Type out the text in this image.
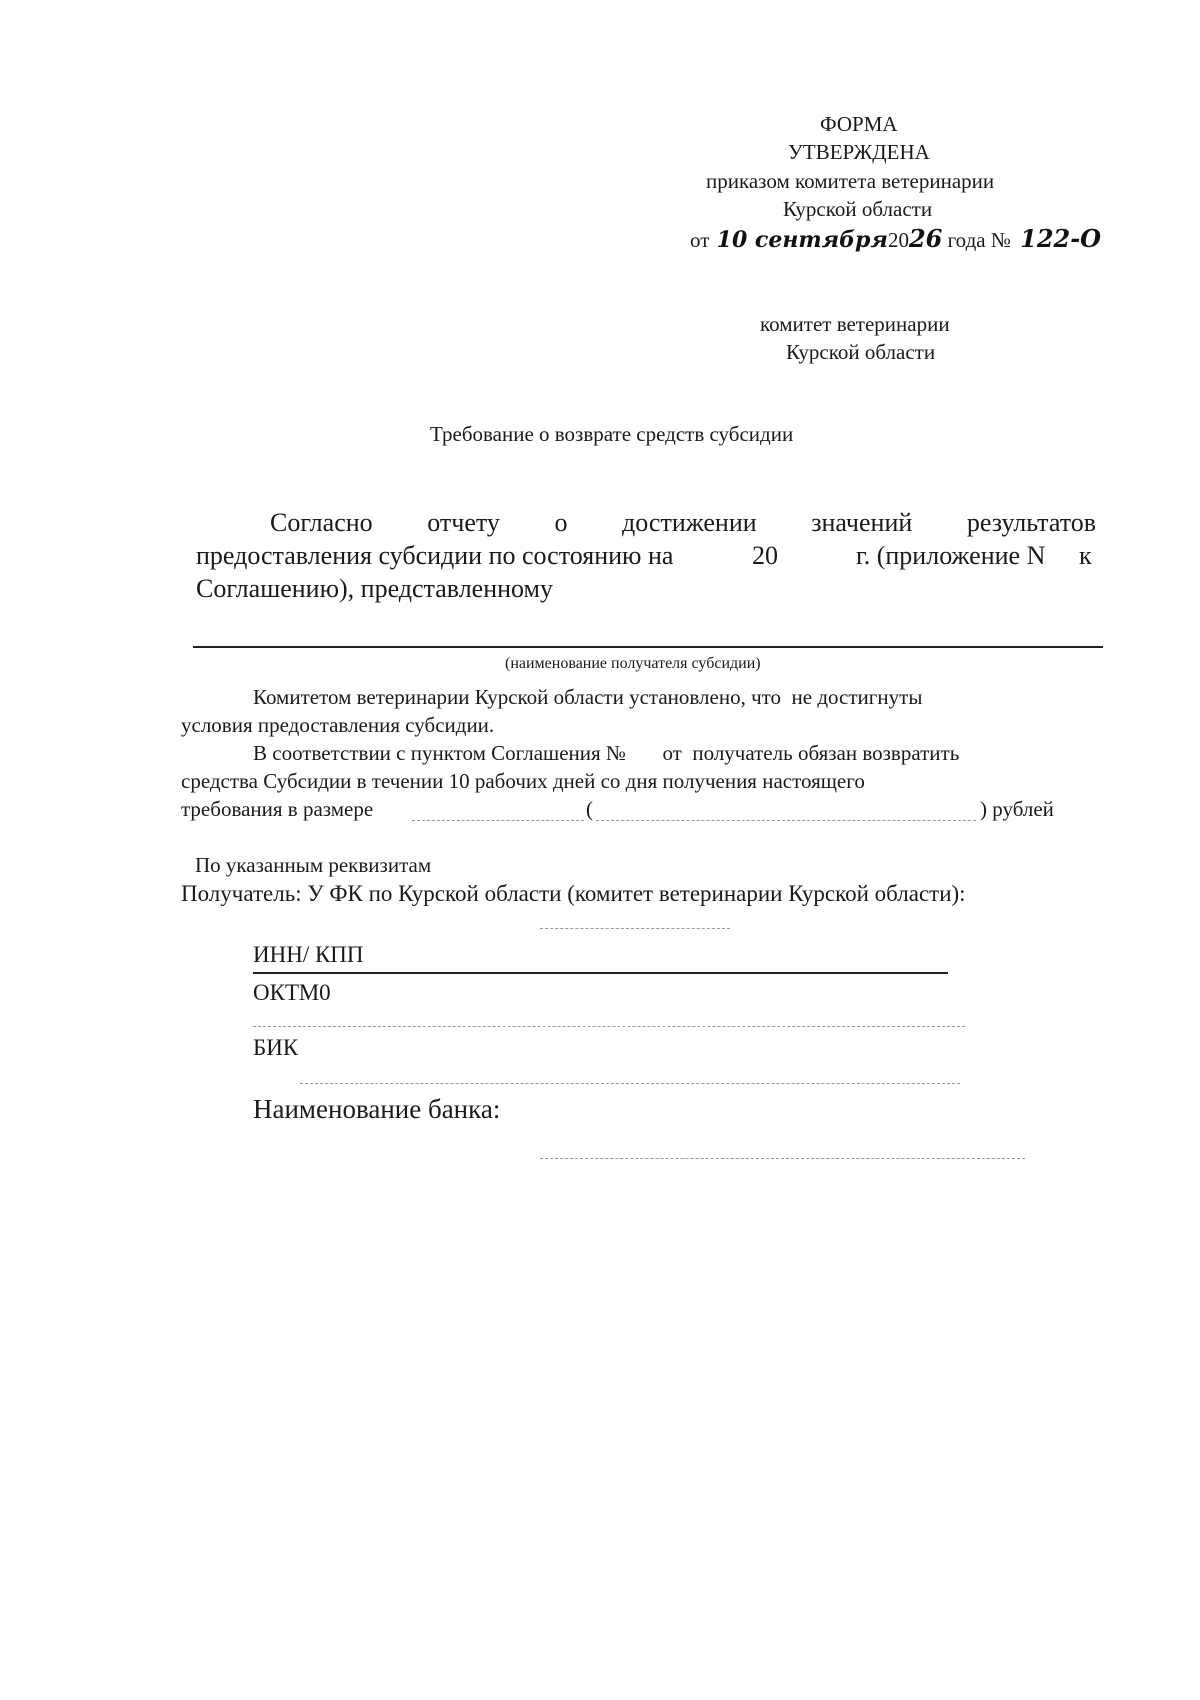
ФОРМА
УТВЕРЖДЕНА
приказом комитета ветеринарии
Курской области
от 10 сентября2026 года № 122-О
комитет ветеринарии
Курской области
Требование о возврате средств субсидии
Согласно отчету о достижении значений результатов
предоставления субсидии по состоянию на	20	г. (приложение N к
Соглашению), представленному
(наименование получателя субсидии)
Комитетом ветеринарии Курской области установлено, что  не достигнуты
условия предоставления субсидии.
В соответствии с пунктом Соглашения № от  получатель обязан возвратить
средства Субсидии в течении 10 рабочих дней со дня получения настоящего
требования в размере	(	) рублей
По указанным реквизитам
Получатель: У ФК по Курской области (комитет ветеринарии Курской области):
ИНН/ КПП
ОКТМ0
БИК
Наименование банка:
